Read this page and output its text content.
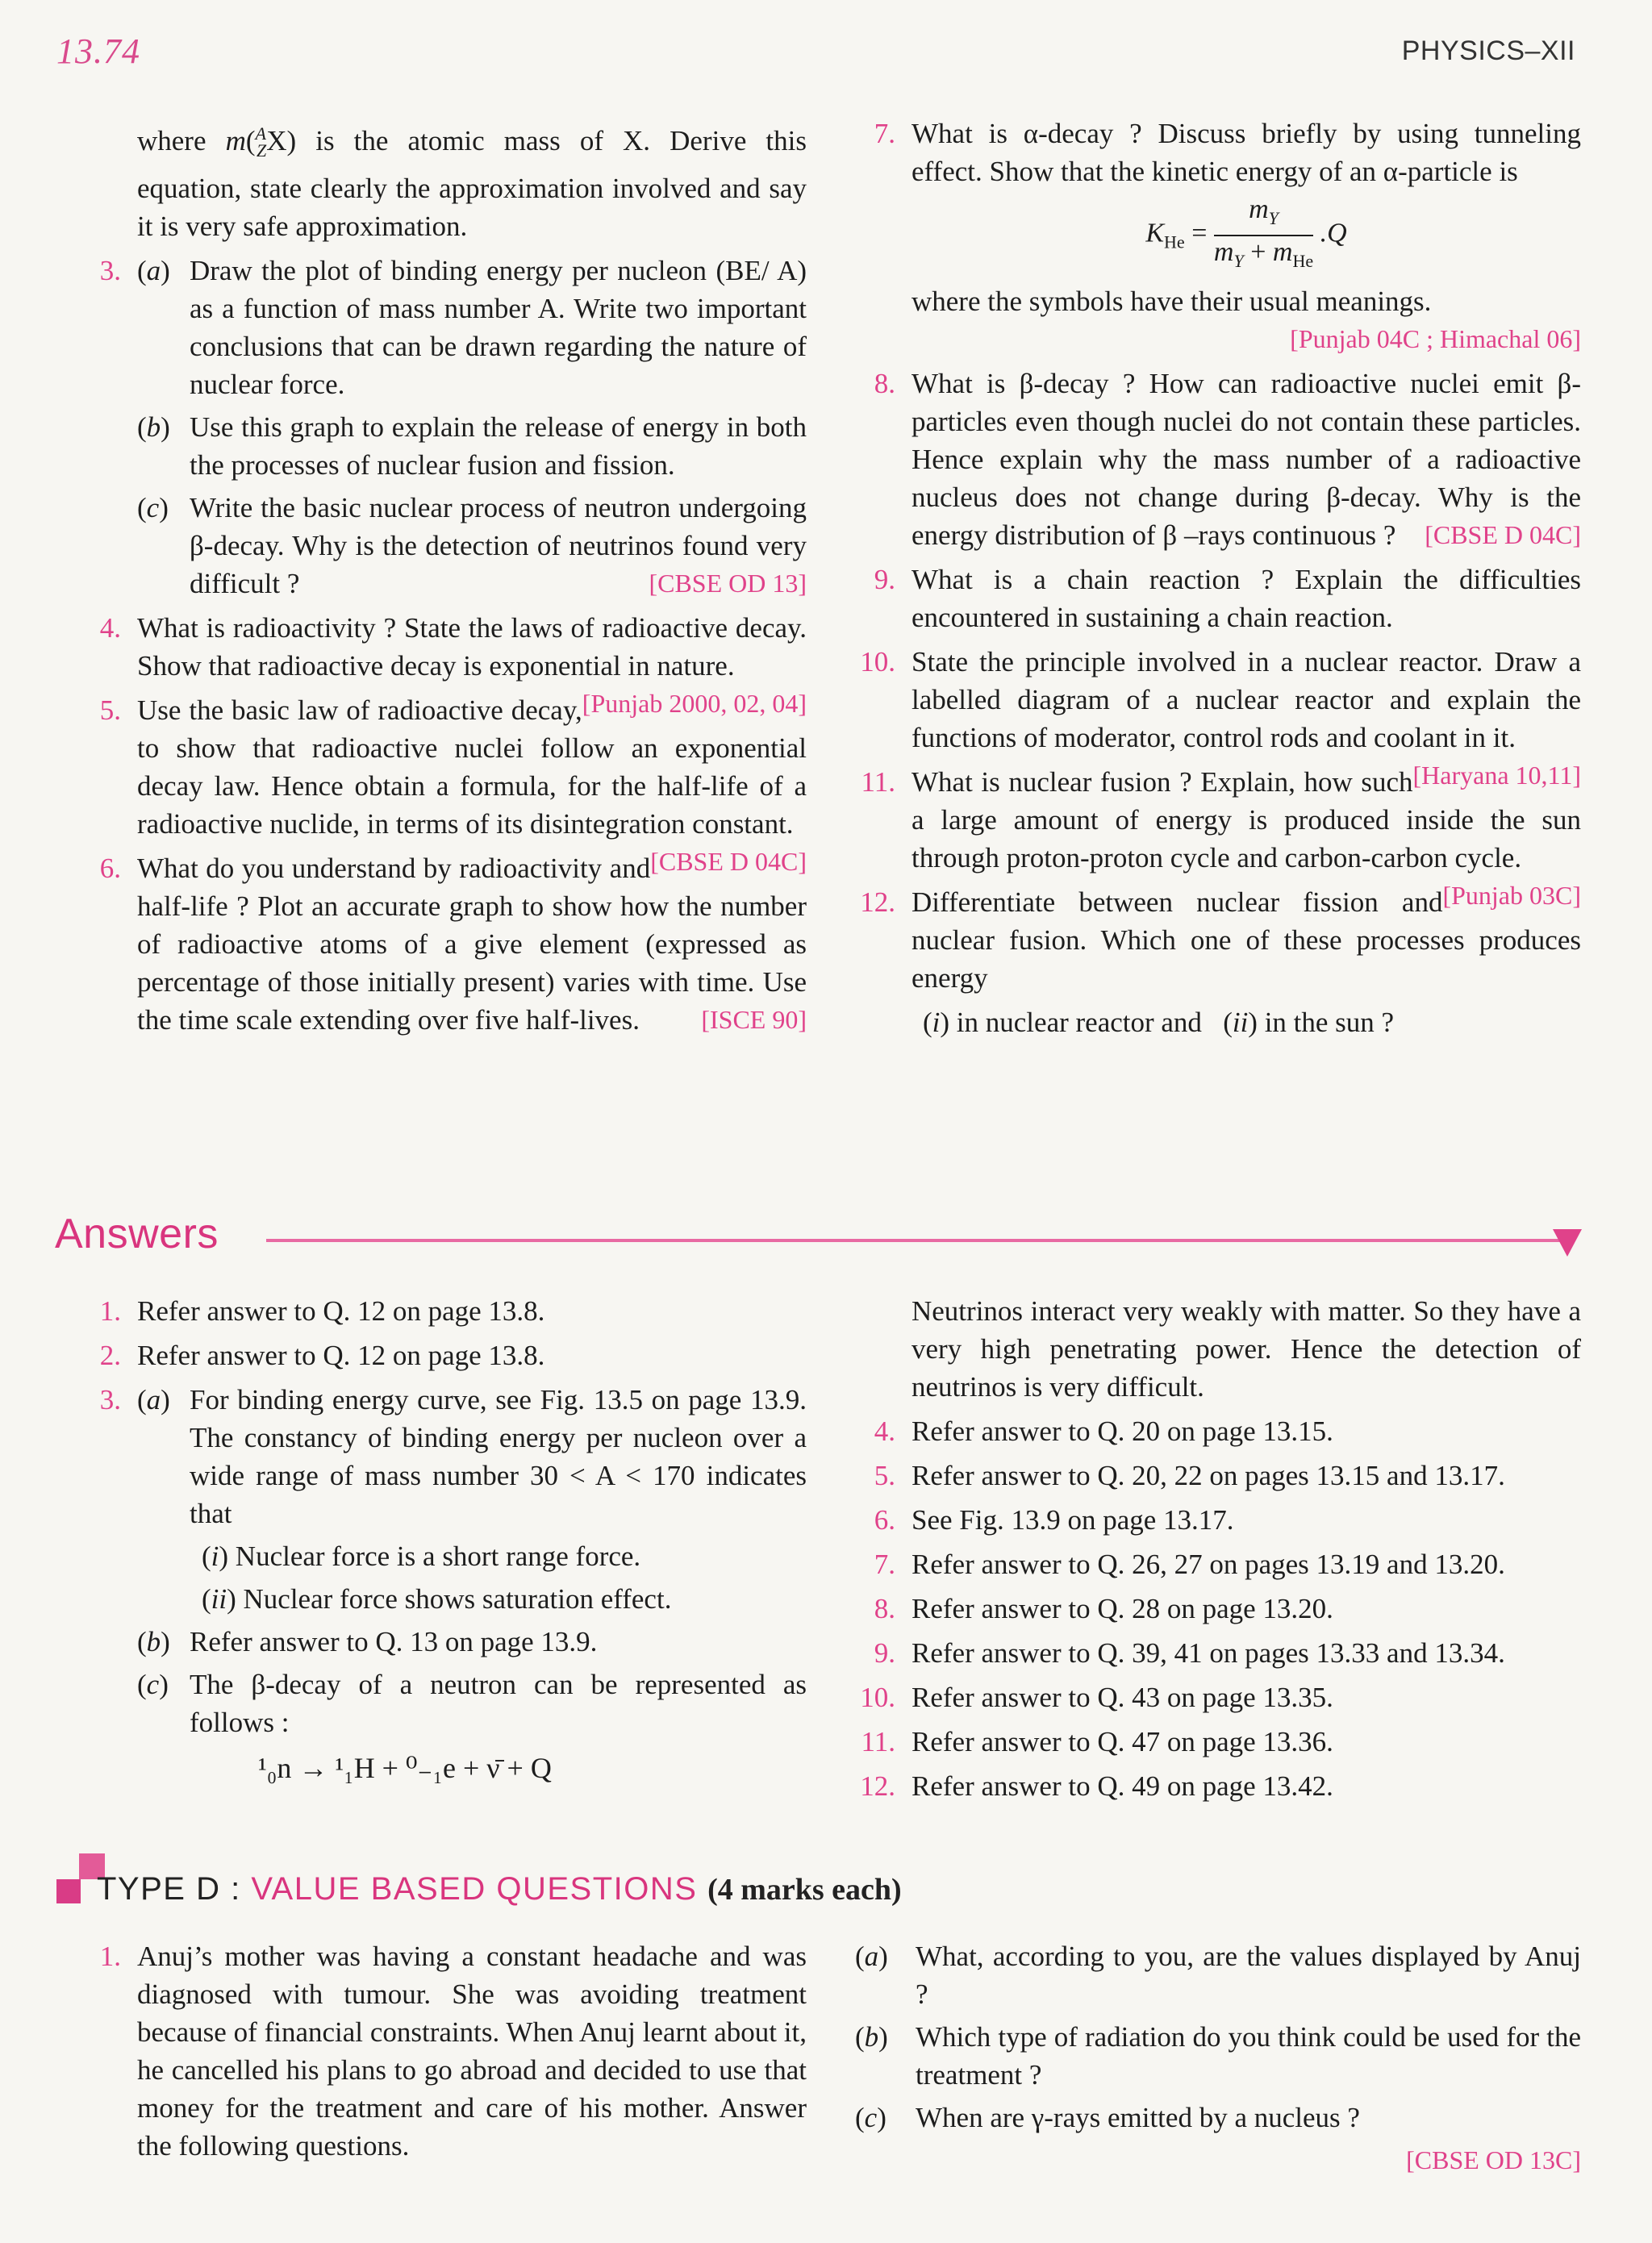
13.74	PHYSICS–XII
where m($^A_Z$X) is the atomic mass of X. Derive this equation, state clearly the approximation involved and say it is very safe approximation.
3. (a) Draw the plot of binding energy per nucleon (BE/ A) as a function of mass number A. Write two important conclusions that can be drawn regarding the nature of nuclear force.
(b) Use this graph to explain the release of energy in both the processes of nuclear fusion and fission.
(c) Write the basic nuclear process of neutron undergoing β-decay. Why is the detection of neutrinos found very difficult ?	[CBSE OD 13]
4. What is radioactivity ? State the laws of radioactive decay. Show that radioactive decay is exponential in nature.
[Punjab 2000, 02, 04]
5. Use the basic law of radioactive decay, to show that radioactive nuclei follow an exponential decay law. Hence obtain a formula, for the half-life of a radioactive nuclide, in terms of its disintegration constant.
[CBSE D 04C]
6. What do you understand by radioactivity and half-life ? Plot an accurate graph to show how the number of radioactive atoms of a give element (expressed as percentage of those initially present) varies with time. Use the time scale extending over five half-lives. [ISCE 90]
7. What is α-decay ? Discuss briefly by using tunneling effect. Show that the kinetic energy of an α-particle is
$K_{He} = \frac{m_Y}{m_Y + m_{He}} .Q$
where the symbols have their usual meanings.
[Punjab 04C ; Himachal 06]
8. What is β-decay ? How can radioactive nuclei emit β-particles even though nuclei do not contain these particles. Hence explain why the mass number of a radioactive nucleus does not change during β-decay. Why is the energy distribution of β –rays continuous ? [CBSE D 04C]
9. What is a chain reaction ? Explain the difficulties encountered in sustaining a chain reaction.
10. State the principle involved in a nuclear reactor. Draw a labelled diagram of a nuclear reactor and explain the functions of moderator, control rods and coolant in it.
[Haryana 10,11]
11. What is nuclear fusion ? Explain, how such a large amount of energy is produced inside the sun through proton-proton cycle and carbon-carbon cycle.
[Punjab 03C]
12. Differentiate between nuclear fission and nuclear fusion. Which one of these processes produces energy
(i) in nuclear reactor and   (ii) in the sun ?
Answers
1. Refer answer to Q. 12 on page 13.8.
2. Refer answer to Q. 12 on page 13.8.
3. (a) For binding energy curve, see Fig. 13.5 on page 13.9. The constancy of binding energy per nucleon over a wide range of mass number 30 < A < 170 indicates that
(i) Nuclear force is a short range force.
(ii) Nuclear force shows saturation effect.
(b) Refer answer to Q. 13 on page 13.9.
(c) The β-decay of a neutron can be represented as follows :
¹₀n → ¹₁H + ⁰₋₁e + ν̄ + Q
Neutrinos interact very weakly with matter. So they have a very high penetrating power. Hence the detection of neutrinos is very difficult.
4. Refer answer to Q. 20 on page 13.15.
5. Refer answer to Q. 20, 22 on pages 13.15 and 13.17.
6. See Fig. 13.9 on page 13.17.
7. Refer answer to Q. 26, 27 on pages 13.19 and 13.20.
8. Refer answer to Q. 28 on page 13.20.
9. Refer answer to Q. 39, 41 on pages 13.33 and 13.34.
10. Refer answer to Q. 43 on page 13.35.
11. Refer answer to Q. 47 on page 13.36.
12. Refer answer to Q. 49 on page 13.42.
TYPE D : VALUE BASED QUESTIONS (4 marks each)
1. Anuj’s mother was having a constant headache and was diagnosed with tumour. She was avoiding treatment because of financial constraints. When Anuj learnt about it, he cancelled his plans to go abroad and decided to use that money for the treatment and care of his mother. Answer the following questions.
(a) What, according to you, are the values displayed by Anuj ?
(b) Which type of radiation do you think could be used for the treatment ?
(c) When are γ-rays emitted by a nucleus ?
[CBSE OD 13C]
